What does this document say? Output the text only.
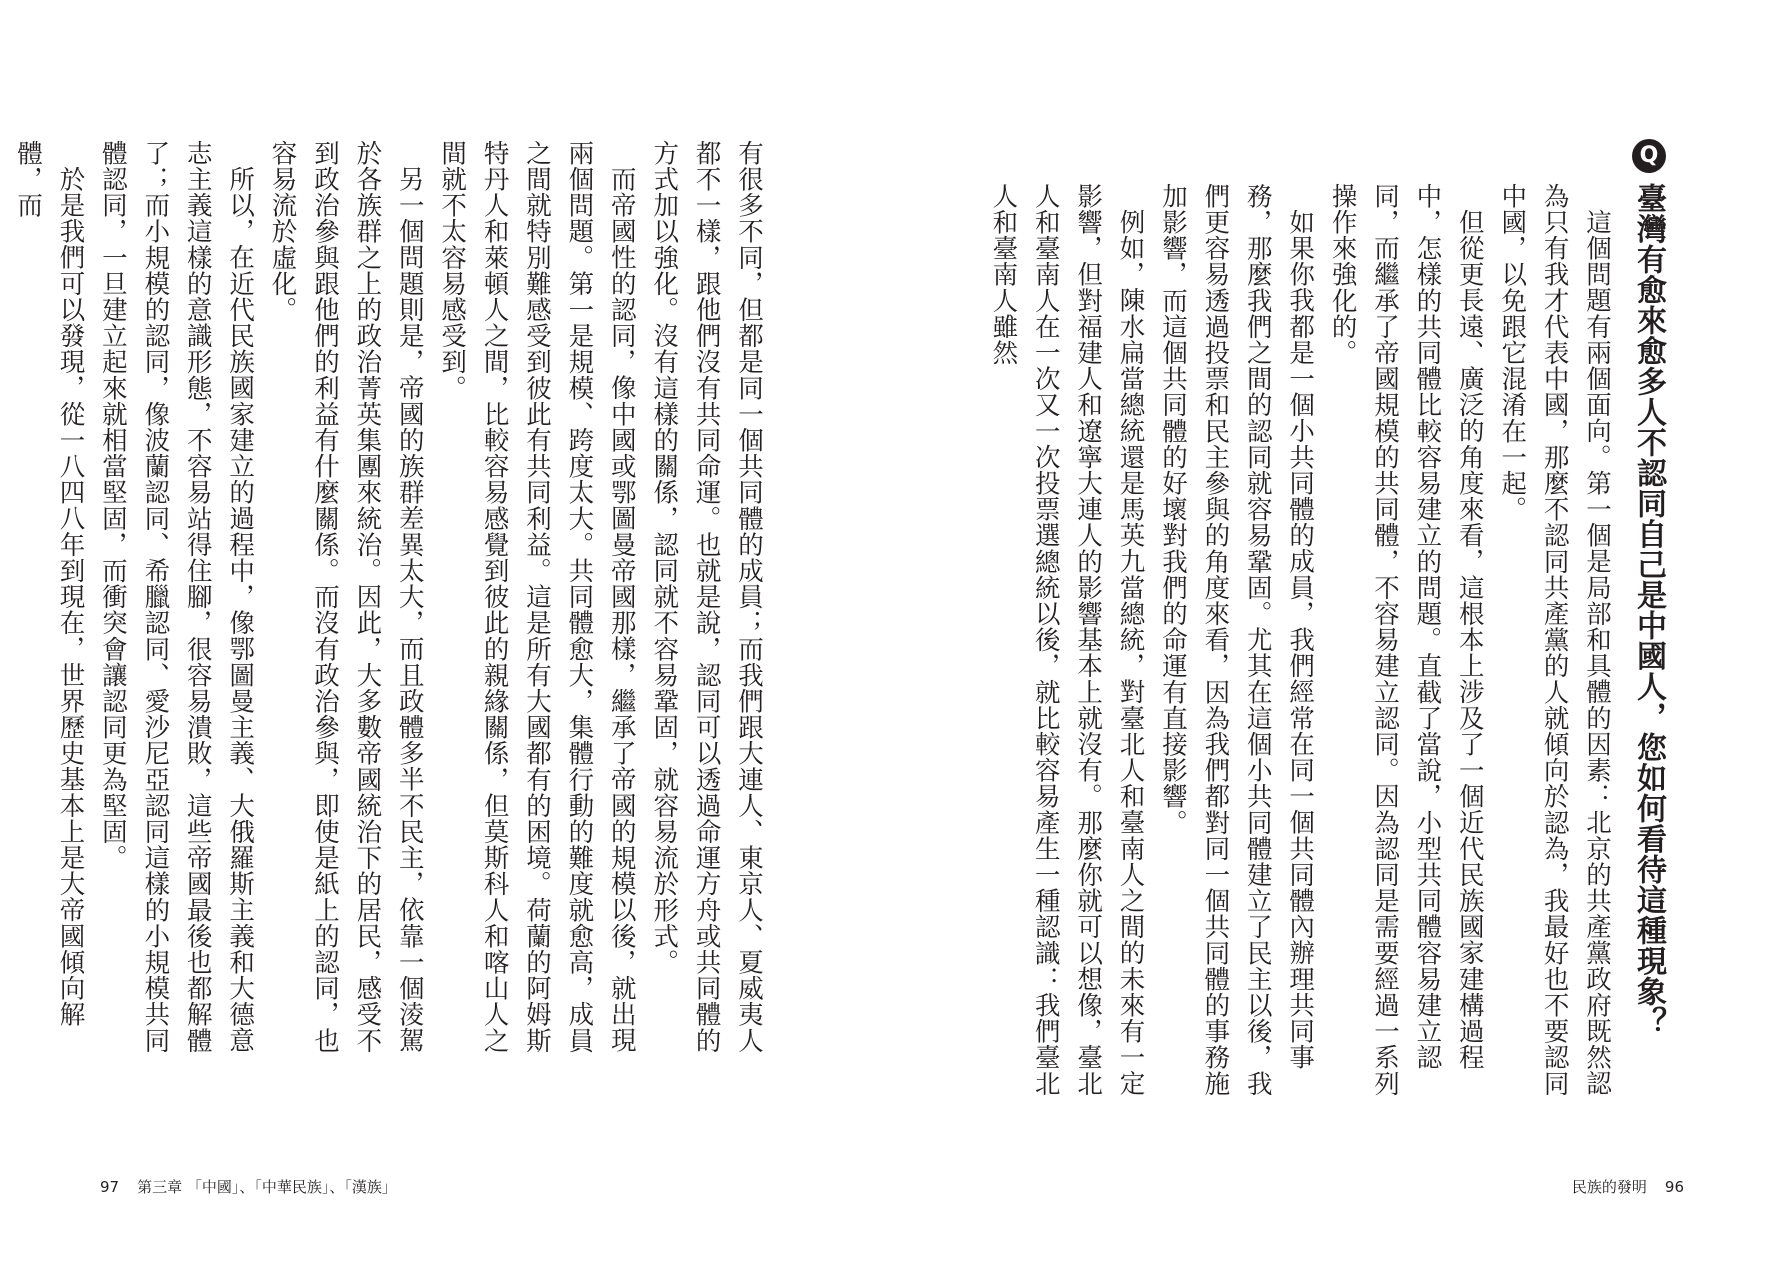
有很多不同，但都是同一個共同體的成員；而我們跟大連人、東京人、夏威夷人都不一樣，跟他們沒有共同命運。也就是說，認同可以透過命運方舟或共同體的方式加以強化。沒有這樣的關係，認同就不容易鞏固，就容易流於形式。

而帝國性的認同，像中國或鄂圖曼帝國那樣，繼承了帝國的規模以後，就出現兩個問題。第一是規模、跨度太大。共同體愈大，集體行動的難度就愈高，成員之間就特別難感受到彼此有共同利益。這是所有大國都有的困境。荷蘭的阿姆斯特丹人和萊頓人之間，比較容易感覺到彼此的親緣關係，但莫斯科人和喀山人之間就不太容易感受到。

另一個問題則是，帝國的族群差異太大，而且政體多半不民主，依靠一個淩駕於各族群之上的政治菁英集團來統治。因此，大多數帝國統治下的居民，感受不到政治參與跟他們的利益有什麼關係。而沒有政治參與，即使是紙上的認同，也容易流於虛化。

所以，在近代民族國家建立的過程中，像鄂圖曼主義、大俄羅斯主義和大德意志主義這樣的意識形態，不容易站得住腳，很容易潰敗，這些帝國最後也都解體了；而小規模的認同，像波蘭認同、希臘認同、愛沙尼亞認同這樣的小規模共同體認同，一旦建立起來就相當堅固，而衝突會讓認同更為堅固。

於是我們可以發現，從一八四八年到現在，世界歷史基本上是大帝國傾向解體，而

97 第三章 「中國」、「中華民族」、「漢族」
Q
臺灣有愈來愈多人不認同自己是中國人，您如何看待這種現象？

這個問題有兩個面向。第一個是局部和具體的因素：北京的共產黨政府既然認為只有我才代表中國，那麼不認同共產黨的人就傾向於認為，我最好也不要認同中國，以免跟它混淆在一起。

但從更長遠、廣泛的角度來看，這根本上涉及了一個近代民族國家建構過程中，怎樣的共同體比較容易建立的問題。直截了當說，小型共同體容易建立認同，而繼承了帝國規模的共同體，不容易建立認同。因為認同是需要經過一系列操作來強化的。

如果你我都是一個小共同體的成員，我們經常在同一個共同體內辦理共同事務，那麼我們之間的認同就容易鞏固。尤其在這個小共同體建立了民主以後，我們更容易透過投票和民主參與的角度來看，因為我們都對同一個共同體的事務施加影響，而這個共同體的好壞對我們的命運有直接影響。

例如，陳水扁當總統還是馬英九當總統，對臺北人和臺南人之間的未來有一定影響，但對福建人和遼寧大連人的影響基本上就沒有。那麼你就可以想像，臺北人和臺南人在一次又一次投票選總統以後，就比較容易產生一種認識：我們臺北人和臺南人雖然

民族的發明 96
